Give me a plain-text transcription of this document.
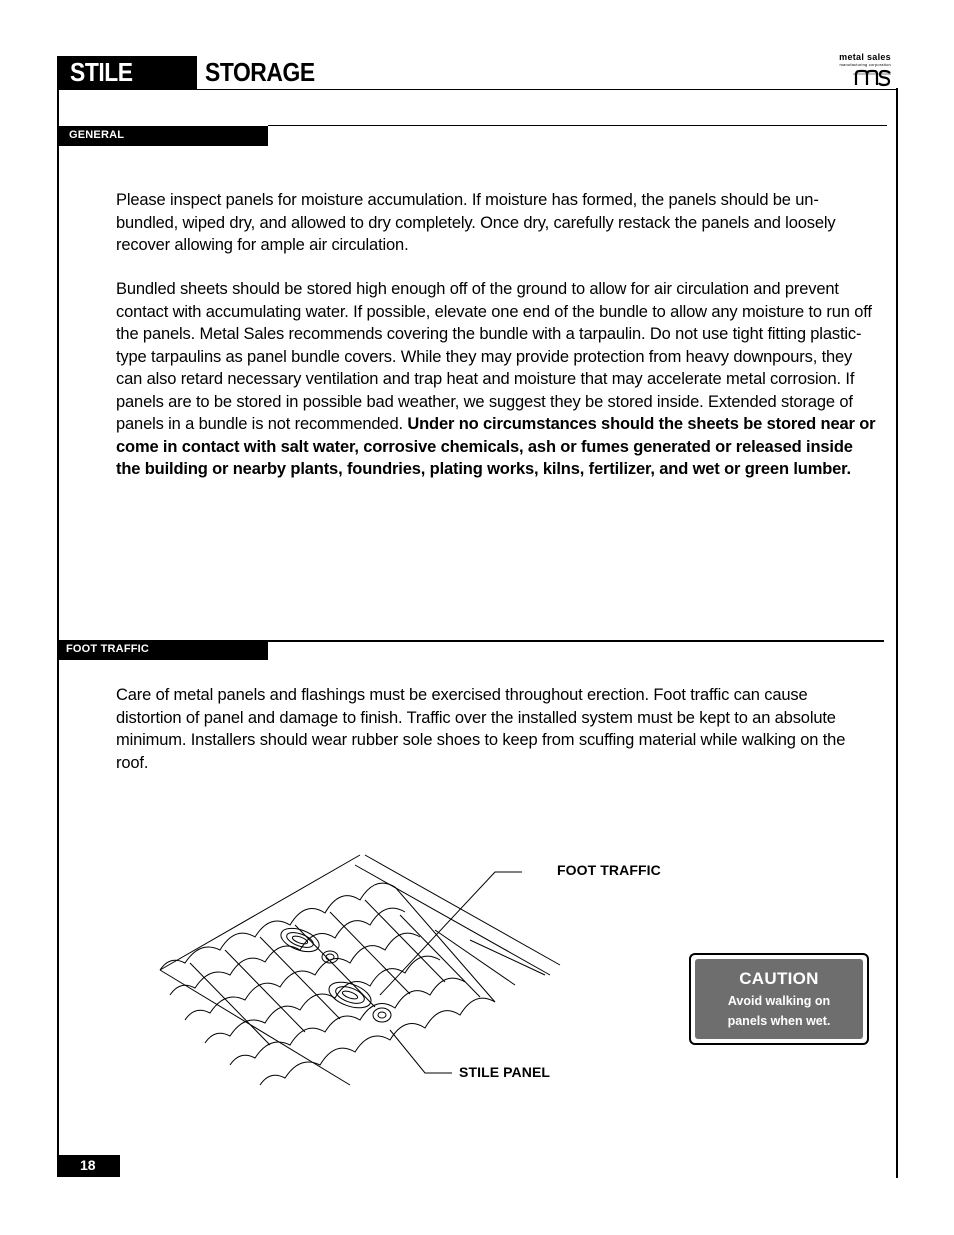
STILE	STORAGE	metal sales
manufacturing corporation
GENERAL

Please inspect panels for moisture accumulation. If moisture has formed, the panels should be un-bundled, wiped dry, and allowed to dry completely. Once dry, carefully restack the panels and loosely recover allowing for ample air circulation.

Bundled sheets should be stored high enough off of the ground to allow for air circulation and prevent contact with accumulating water. If possible, elevate one end of the bundle to allow any moisture to run off the panels. Metal Sales recommends covering the bundle with a tarpaulin. Do not use tight fitting plastic-type tarpaulins as panel bundle covers. While they may provide protection from heavy downpours, they can also retard necessary ventilation and trap heat and moisture that may accelerate metal corrosion. If panels are to be stored in possible bad weather, we suggest they be stored inside. Extended storage of panels in a bundle is not recommended. Under no circumstances should the sheets be stored near or come in contact with salt water, corrosive chemicals, ash or fumes generated or released inside the building or nearby plants, foundries, plating works, kilns, fertilizer, and wet or green lumber.

FOOT TRAFFIC

Care of metal panels and flashings must be exercised throughout erection. Foot traffic can cause distortion of panel and damage to finish. Traffic over the installed system must be kept to an absolute minimum. Installers should wear rubber sole shoes to keep from scuffing material while walking on the roof.

FOOT TRAFFIC
STILE PANEL
CAUTION
Avoid walking on
panels when wet.
18
